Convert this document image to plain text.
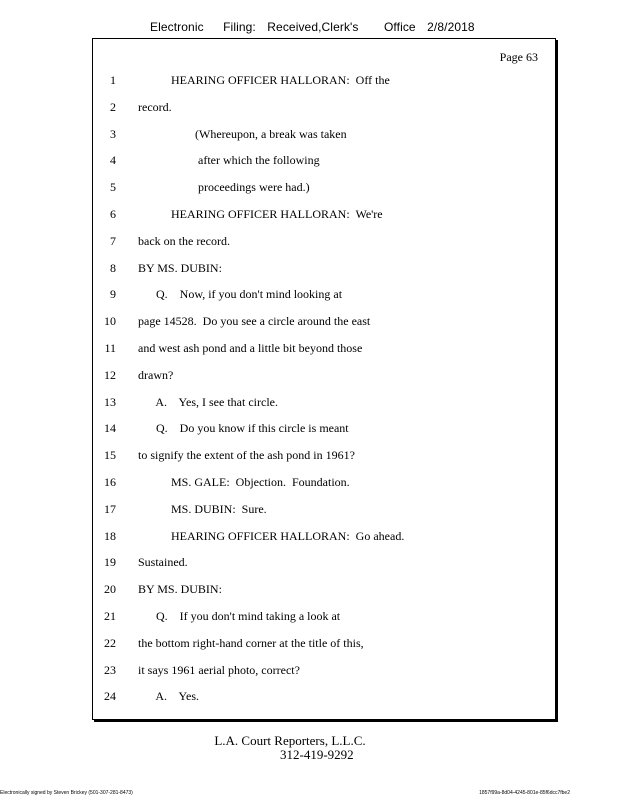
Electronic Filing: Received,Clerk's Office 2/8/2018
Page 63
1 HEARING OFFICER HALLORAN:  Off the
2 record.
3 (Whereupon, a break was taken
4 after which the following
5 proceedings were had.)
6 HEARING OFFICER HALLORAN:  We're
7 back on the record.
8 BY MS. DUBIN:
9 Q.    Now, if you don't mind looking at
10 page 14528.  Do you see a circle around the east
11 and west ash pond and a little bit beyond those
12 drawn?
13 A.    Yes, I see that circle.
14 Q.    Do you know if this circle is meant
15 to signify the extent of the ash pond in 1961?
16 MS. GALE:  Objection.  Foundation.
17 MS. DUBIN:  Sure.
18 HEARING OFFICER HALLORAN:  Go ahead.
19 Sustained.
20 BY MS. DUBIN:
21 Q.    If you don't mind taking a look at
22 the bottom right-hand corner at the title of this,
23 it says 1961 aerial photo, correct?
24 A.    Yes.
L.A. Court Reporters, L.L.C.
312-419-9292
Electronically signed by Steven Brickey (501-307-281-8473)	1857f99a-8d04-4245-801e-85f6dcc7fbe2
